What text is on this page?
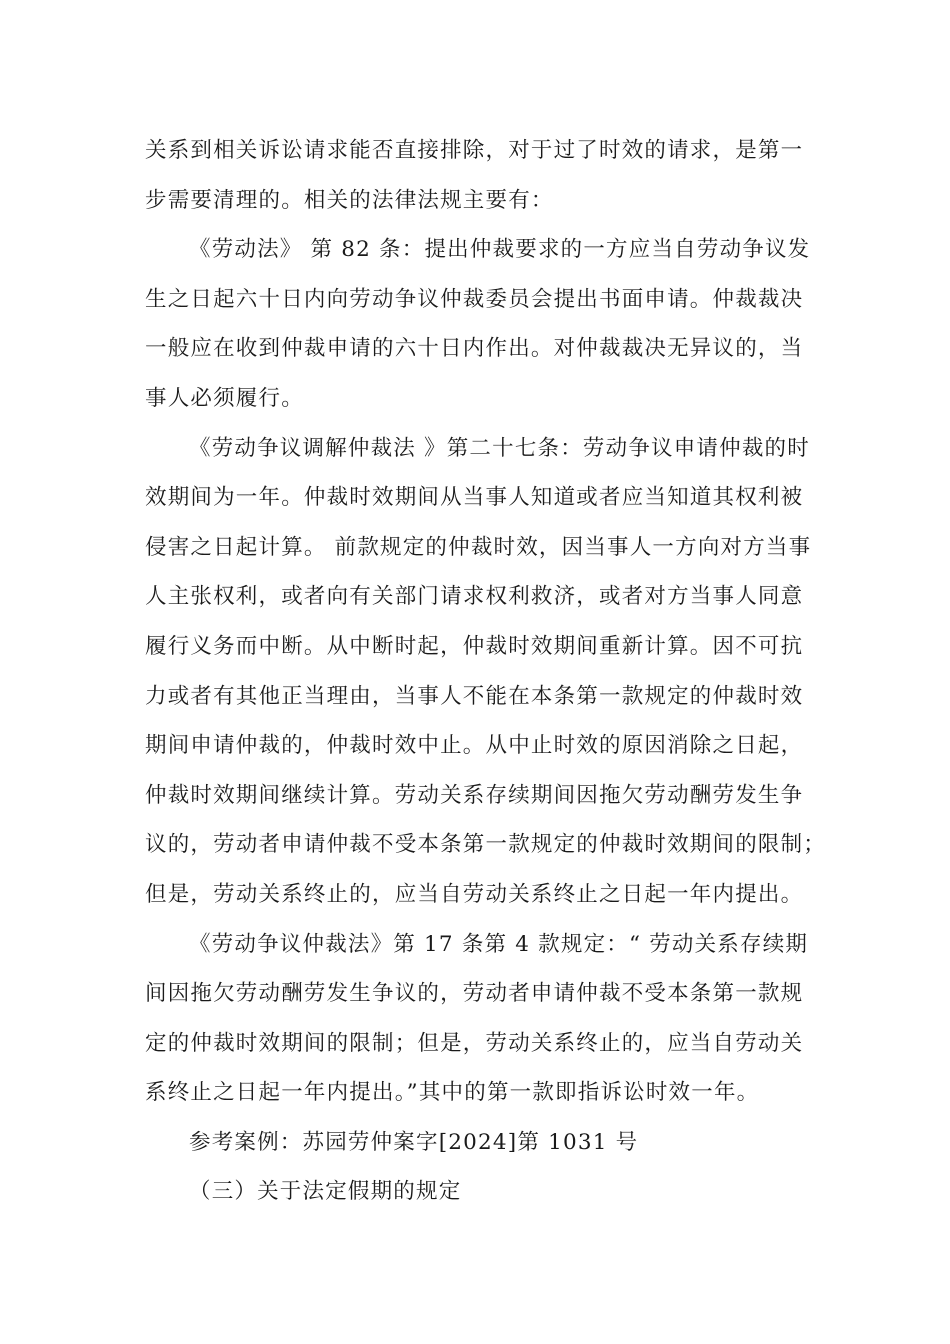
关系到相关诉讼请求能否直接排除，对于过了时效的请求，是第一
步需要清理的。相关的法律法规主要有：
《劳动法》 第 82 条：提出仲裁要求的一方应当自劳动争议发
生之日起六十日内向劳动争议仲裁委员会提出书面申请。仲裁裁决
一般应在收到仲裁申请的六十日内作出。对仲裁裁决无异议的，当
事人必须履行。
《劳动争议调解仲裁法 》第二十七条：劳动争议申请仲裁的时
效期间为一年。仲裁时效期间从当事人知道或者应当知道其权利被
侵害之日起计算。 前款规定的仲裁时效，因当事人一方向对方当事
人主张权利，或者向有关部门请求权利救济，或者对方当事人同意
履行义务而中断。从中断时起，仲裁时效期间重新计算。因不可抗
力或者有其他正当理由，当事人不能在本条第一款规定的仲裁时效
期间申请仲裁的，仲裁时效中止。从中止时效的原因消除之日起，
仲裁时效期间继续计算。劳动关系存续期间因拖欠劳动酬劳发生争
议的，劳动者申请仲裁不受本条第一款规定的仲裁时效期间的限制；
但是，劳动关系终止的，应当自劳动关系终止之日起一年内提出。
《劳动争议仲裁法》第 17 条第 4 款规定：“ 劳动关系存续期
间因拖欠劳动酬劳发生争议的，劳动者申请仲裁不受本条第一款规
定的仲裁时效期间的限制；但是，劳动关系终止的，应当自劳动关
系终止之日起一年内提出。”其中的第一款即指诉讼时效一年。
参考案例：苏园劳仲案字[2024]第 1031 号
（三）关于法定假期的规定
